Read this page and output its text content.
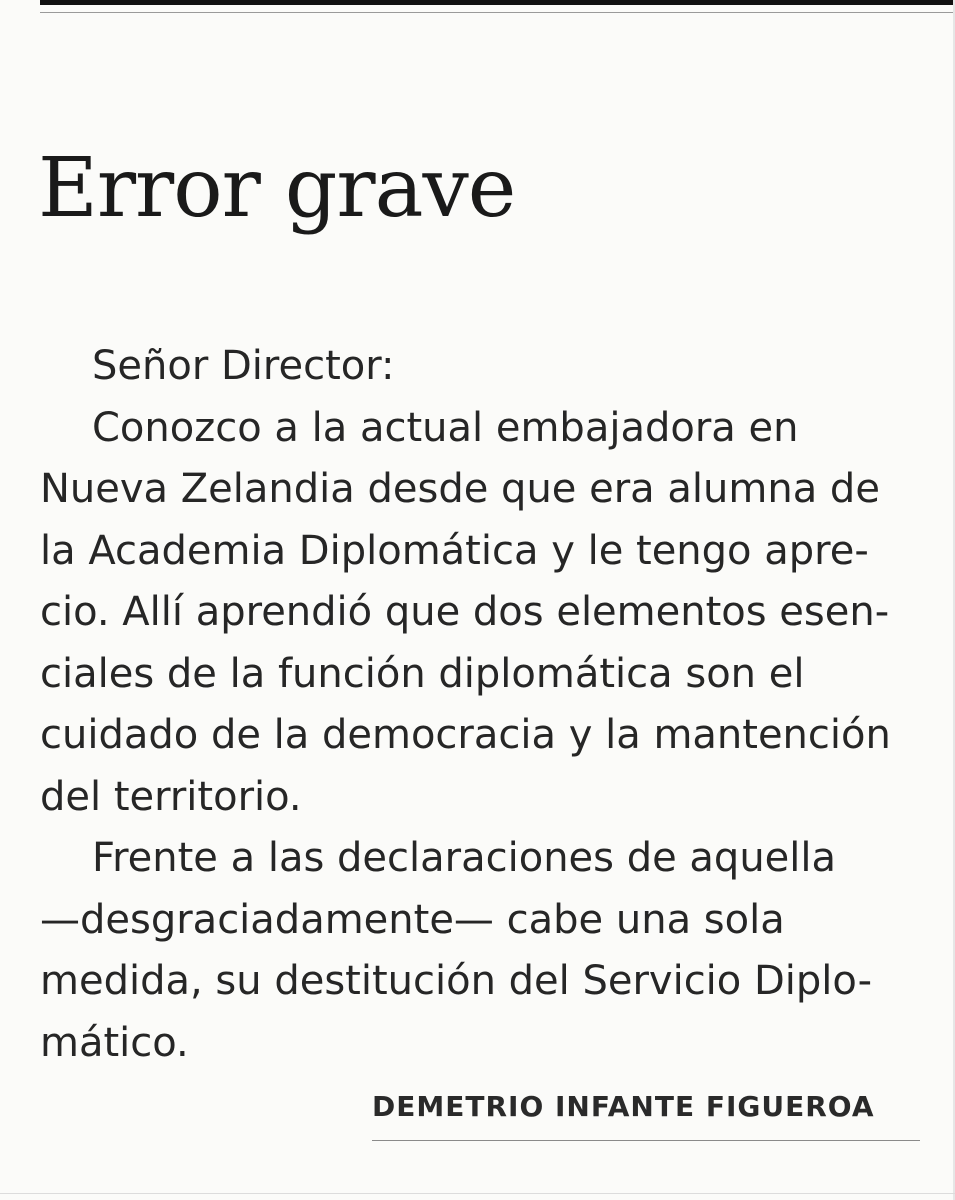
Error grave
Señor Director:
Conozco a la actual embajadora en
Nueva Zelandia desde que era alumna de
la Academia Diplomática y le tengo apre-
cio. Allí aprendió que dos elementos esen-
ciales de la función diplomática son el
cuidado de la democracia y la mantención
del territorio.
Frente a las declaraciones de aquella
—desgraciadamente— cabe una sola
medida, su destitución del Servicio Diplo-
mático.
DEMETRIO INFANTE FIGUEROA
